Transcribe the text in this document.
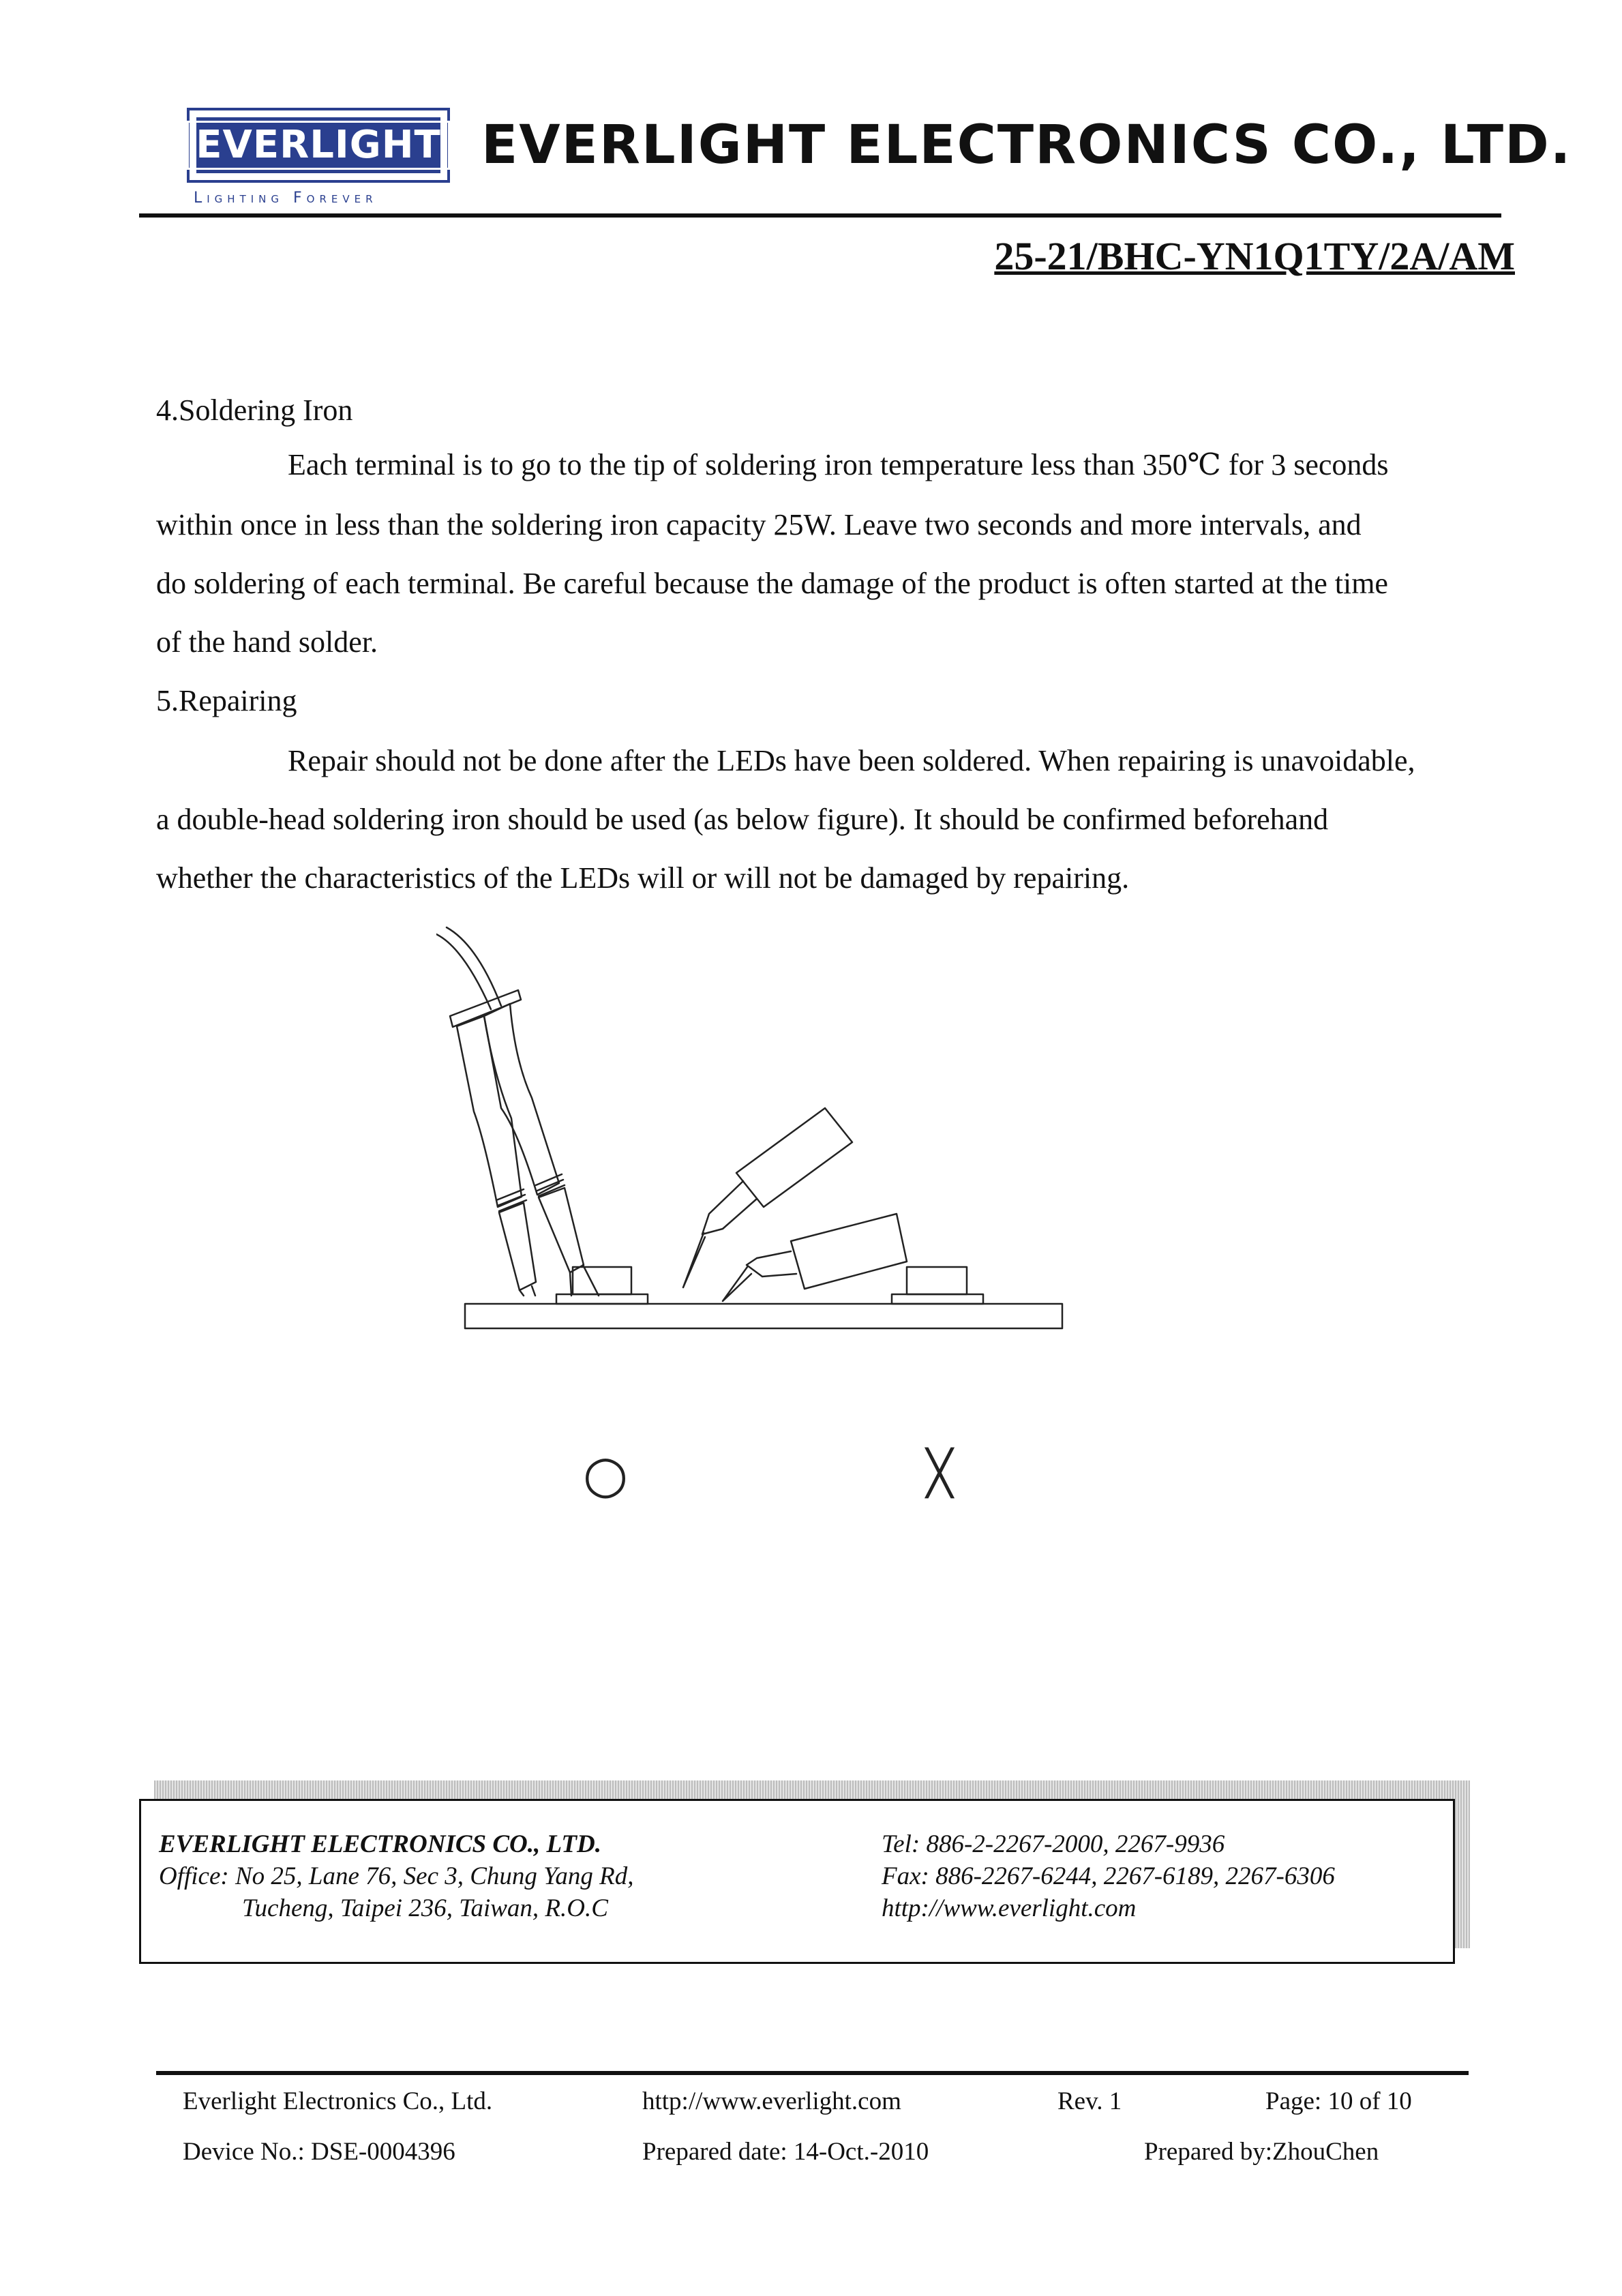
EVERLIGHT
Lighting Forever
EVERLIGHT ELECTRONICS CO., LTD.
25-21/BHC-YN1Q1TY/2A/AM
4.Soldering Iron
Each terminal is to go to the tip of soldering iron temperature less than 350℃ for 3 seconds
within once in less than the soldering iron capacity 25W. Leave two seconds and more intervals, and
do soldering of each terminal. Be careful because the damage of the product is often started at the time
of the hand solder.
5.Repairing
Repair should not be done after the LEDs have been soldered. When repairing is unavoidable,
a double-head soldering iron should be used (as below figure). It should be confirmed beforehand
whether the characteristics of the LEDs will or will not be damaged by repairing.
○	╳
EVERLIGHT ELECTRONICS CO., LTD.
Office: No 25, Lane 76, Sec 3, Chung Yang Rd,
Tucheng, Taipei 236, Taiwan, R.O.C
Tel: 886-2-2267-2000, 2267-9936
Fax: 886-2267-6244, 2267-6189, 2267-6306
http://www.everlight.com
Everlight Electronics Co., Ltd.	http://www.everlight.com	Rev. 1	Page: 10 of 10
Device No.: DSE-0004396	Prepared date: 14-Oct.-2010	Prepared by:ZhouChen
